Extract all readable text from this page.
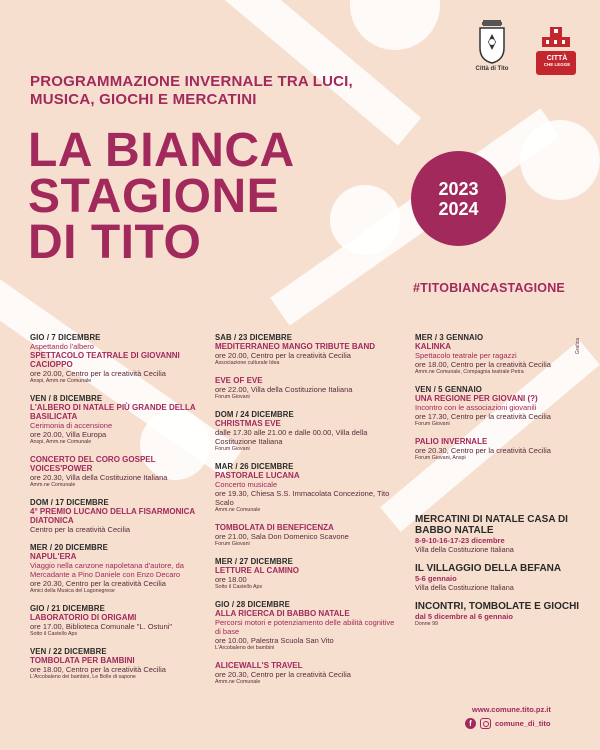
PROGRAMMAZIONE INVERNALE TRA LUCI,
MUSICA, GIOCHI E MERCATINI
LA BIANCA
STAGIONE
DI TITO
2023
2024
#TITOBIANCASTAGIONE
Città di Tito
CITTÀ
CHE LEGGE
GIO / 7 DICEMBRE
Aspettando l'albero
SPETTACOLO TEATRALE DI GIOVANNI CACIOPPO
ore 20.00, Centro per la creatività Cecilia
Anspi, Amm.ne Comunale
VEN / 8 DICEMBRE
L'ALBERO DI NATALE PIÙ GRANDE DELLA BASILICATA
Cerimonia di accensione
ore 20.00, Villa Europa
Anspi, Amm.ne Comunale
CONCERTO DEL CORO GOSPEL VOICES'POWER
ore 20.30, Villa della Costituzione Italiana
Amm.ne Comunale
DOM / 17 DICEMBRE
4° PREMIO LUCANO DELLA FISARMONICA DIATONICA
Centro per la creatività Cecilia
MER / 20 DICEMBRE
NAPUL'ERA
Viaggio nella canzone napoletana d'autore, da Mercadante a Pino Daniele con Enzo Decaro
ore 20.30, Centro per la creatività Cecilia
Amici della Musica del Lagonegrese
GIO / 21 DICEMBRE
LABORATORIO DI ORIGAMI
ore 17.00, Biblioteca Comunale "L. Ostuni"
Sotto il Castello Aps
VEN / 22 DICEMBRE
TOMBOLATA PER BAMBINI
ore 18.00, Centro per la creatività Cecilia
L'Arcobaleno dei bambini, Le Bolle di sapone
SAB / 23 DICEMBRE
MEDITERRANEO MANGO TRIBUTE BAND
ore 20.00, Centro per la creatività Cecilia
Associazione culturale Idea
EVE OF EVE
ore 22.00, Villa della Costituzione Italiana
Forum Giovani
DOM / 24 DICEMBRE
CHRISTMAS EVE
dalle 17.30 alle 21.00 e dalle 00.00, Villa della Costituzione Italiana
Forum Giovani
MAR / 26 DICEMBRE
PASTORALE LUCANA
Concerto musicale
ore 19.30, Chiesa S.S. Immacolata Concezione, Tito Scalo
Amm.ne Comunale
TOMBOLATA DI BENEFICENZA
ore 21.00, Sala Don Domenico Scavone
Forum Giovani
MER / 27 DICEMBRE
LETTURE AL CAMINO
ore 18.00
Sotto il Castello Aps
GIO / 28 DICEMBRE
ALLA RICERCA DI BABBO NATALE
Percorsi motori e potenziamento delle abilità cognitive di base
ore 10.00, Palestra Scuola San Vito
L'Arcobaleno dei bambini
ALICEWALL'S TRAVEL
ore 20.30, Centro per la creatività Cecilia
Amm.ne Comunale
MER / 3 GENNAIO
KALINKA
Spettacolo teatrale per ragazzi
ore 18.00, Centro per la creatività Cecilia
Amm.ne Comunale, Compagnia teatrale Petra
VEN / 5 GENNAIO
UNA REGIONE PER GIOVANI (?)
Incontro con le associazioni giovanili
ore 17.30, Centro per la creatività Cecilia
Forum Giovani
PALIO INVERNALE
ore 20.30, Centro per la creatività Cecilia
Forum Giovani, Anspi
MERCATINI DI NATALE CASA DI BABBO NATALE
8-9-10-16-17-23 dicembre
Villa della Costituzione Italiana
IL VILLAGGIO DELLA BEFANA
5-6 gennaio
Villa della Costituzione Italiana
INCONTRI, TOMBOLATE E GIOCHI
dal 5 dicembre al 6 gennaio
Donne 99
www.comune.tito.pz.it
f	comune_di_tito
Grafica
